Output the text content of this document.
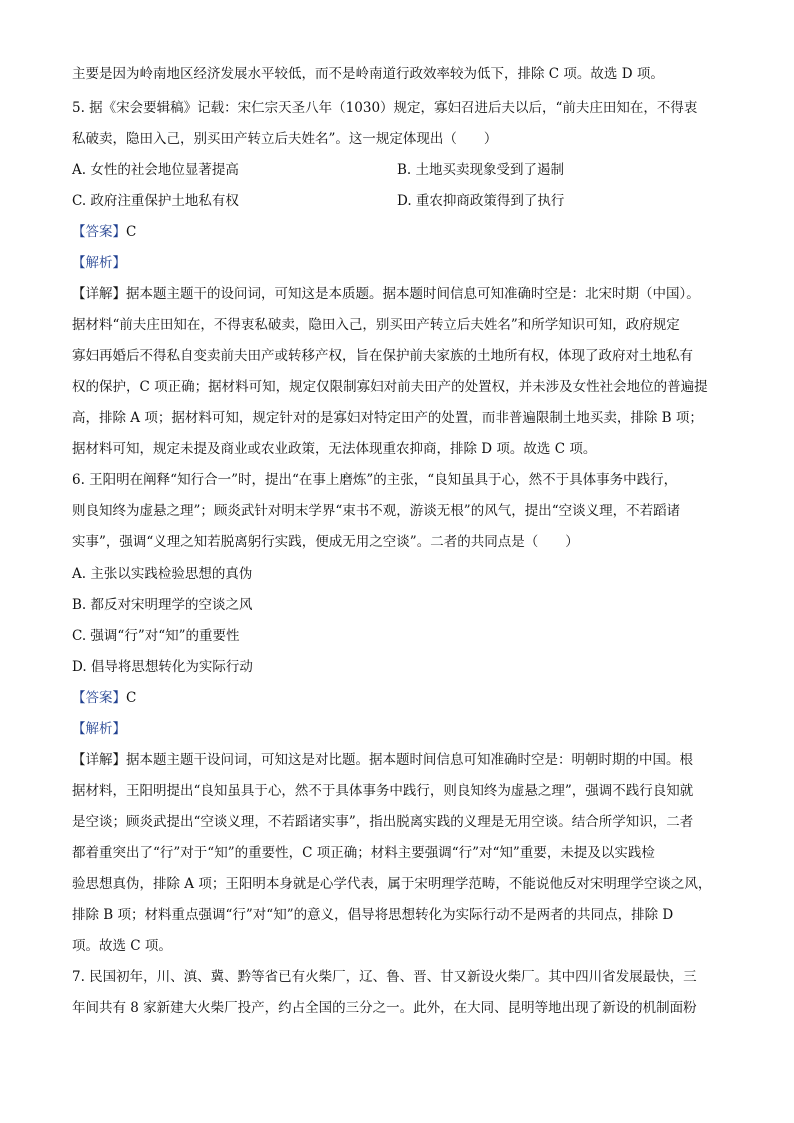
主要是因为岭南地区经济发展水平较低，而不是岭南道行政效率较为低下，排除 C 项。故选 D 项。
5. 据《宋会要辑稿》记载：宋仁宗天圣八年（1030）规定，寡妇召进后夫以后，“前夫庄田知在，不得衷
私破卖，隐田入己，别买田产转立后夫姓名”。这一规定体现出（　　）
A. 女性的社会地位显著提高	B. 土地买卖现象受到了遏制
C. 政府注重保护土地私有权	D. 重农抑商政策得到了执行
【答案】C
【解析】
【详解】据本题主题干的设问词，可知这是本质题。据本题时间信息可知准确时空是：北宋时期（中国）。
据材料“前夫庄田知在，不得衷私破卖，隐田入己，别买田产转立后夫姓名”和所学知识可知，政府规定
寡妇再婚后不得私自变卖前夫田产或转移产权，旨在保护前夫家族的土地所有权，体现了政府对土地私有
权的保护，C 项正确；据材料可知，规定仅限制寡妇对前夫田产的处置权，并未涉及女性社会地位的普遍提
高，排除 A 项；据材料可知，规定针对的是寡妇对特定田产的处置，而非普遍限制土地买卖，排除 B 项；
据材料可知，规定未提及商业或农业政策，无法体现重农抑商，排除 D 项。故选 C 项。
6. 王阳明在阐释“知行合一”时，提出“在事上磨炼”的主张，“良知虽具于心，然不于具体事务中践行，
则良知终为虚悬之理”；顾炎武针对明末学界“束书不观，游谈无根”的风气，提出“空谈义理，不若蹈诸
实事”，强调“义理之知若脱离躬行实践，便成无用之空谈”。二者的共同点是（　　）
A. 主张以实践检验思想的真伪
B. 都反对宋明理学的空谈之风
C. 强调“行”对“知”的重要性
D. 倡导将思想转化为实际行动
【答案】C
【解析】
【详解】据本题主题干设问词，可知这是对比题。据本题时间信息可知准确时空是：明朝时期的中国。根
据材料，王阳明提出“良知虽具于心，然不于具体事务中践行，则良知终为虚悬之理”，强调不践行良知就
是空谈；顾炎武提出“空谈义理，不若蹈诸实事”，指出脱离实践的义理是无用空谈。结合所学知识，二者
都着重突出了“行”对于“知”的重要性，C 项正确；材料主要强调“行”对“知”重要，未提及以实践检
验思想真伪，排除 A 项；王阳明本身就是心学代表，属于宋明理学范畴，不能说他反对宋明理学空谈之风，
排除 B 项；材料重点强调“行”对“知”的意义，倡导将思想转化为实际行动不是两者的共同点，排除 D
项。故选 C 项。
7. 民国初年，川、滇、冀、黔等省已有火柴厂，辽、鲁、晋、甘又新设火柴厂。其中四川省发展最快，三
年间共有 8 家新建大火柴厂投产，约占全国的三分之一。此外，在大同、昆明等地出现了新设的机制面粉
